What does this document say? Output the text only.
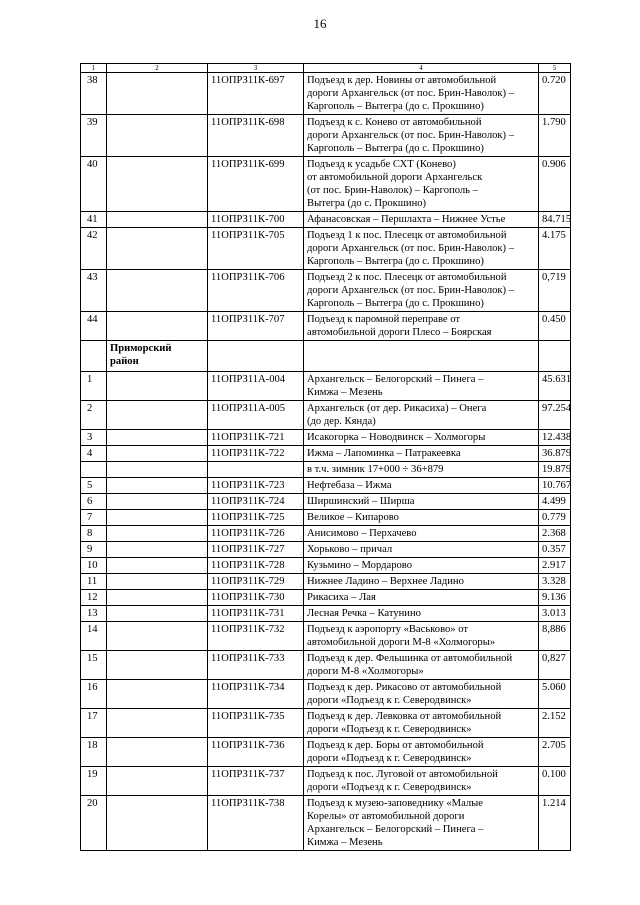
16
1	2	3	4	5
38		11ОПРЗ11К-697	Подъезд к дер. Новины от автомобильной
дороги Архангельск (от пос. Брин-Наволок) –
Каргополь – Вытегра (до с. Прокшино)	0.720
39		11ОПРЗ11К-698	Подъезд к с. Конево от автомобильной
дороги Архангельск (от пос. Брин-Наволок) –
Каргополь – Вытегра (до с. Прокшино)	1.790
40		11ОПРЗ11К-699	Подъезд к усадьбе СХТ (Конево)
от автомобильной дороги Архангельск
(от пос. Брин-Наволок) – Каргополь –
Вытегра (до с. Прокшино)	0.906
41		11ОПРЗ11К-700	Афанасовская – Першлахта – Нижнее Устье	84.715
42		11ОПРЗ11К-705	Подъезд 1 к пос. Плесецк от автомобильной
дороги Архангельск (от пос. Брин-Наволок) –
Каргополь – Вытегра (до с. Прокшино)	4.175
43		11ОПРЗ11К-706	Подъезд 2 к пос. Плесецк от автомобильной
дороги Архангельск (от пос. Брин-Наволок) –
Каргополь – Вытегра (до с. Прокшино)	0,719
44		11ОПРЗ11К-707	Подъезд к паромной переправе от
автомобильной дороги Плесо – Боярская	0.450
	Приморский
район			
1		11ОПРЗ11А-004	Архангельск – Белогорский – Пинега –
Кимжа – Мезень	45.631
2		11ОПРЗ11А-005	Архангельск (от дер. Рикасиха) – Онега
(до дер. Кянда)	97.254
3		11ОПРЗ11К-721	Исакогорка – Новодвинск – Холмогоры	12.438
4		11ОПРЗ11К-722	Ижма – Лапоминка – Патракеевка	36.879
			в т.ч. зимник 17+000 ÷ 36+879	19.879
5		11ОПРЗ11К-723	Нефтебаза – Ижма	10.767
6		11ОПРЗ11К-724	Ширшинский – Ширша	4.499
7		11ОПРЗ11К-725	Великое – Кипарово	0.779
8		11ОПРЗ11К-726	Анисимово – Перхачево	2.368
9		11ОПРЗ11К-727	Хорьково – причал	0.357
10		11ОПРЗ11К-728	Кузьмино – Мордарово	2.917
11		11ОПРЗ11К-729	Нижнее Ладино – Верхнее Ладино	3.328
12		11ОПРЗ11К-730	Рикасиха – Лая	9.136
13		11ОПРЗ11К-731	Лесная Речка – Катунино	3.013
14		11ОПРЗ11К-732	Подъезд к аэропорту «Васьково» от
автомобильной дороги М-8 «Холмогоры»	8,886
15		11ОПРЗ11К-733	Подъезд к дер. Фельшинка от автомобильной
дороги М-8 «Холмогоры»	0,827
16		11ОПРЗ11К-734	Подъезд к дер. Рикасово от автомобильной
дороги «Подъезд к г. Северодвинск»	5.060
17		11ОПРЗ11К-735	Подъезд к дер. Левковка от автомобильной
дороги «Подъезд к г. Северодвинск»	2.152
18		11ОПРЗ11К-736	Подъезд к дер. Боры от автомобильной
дороги «Подъезд к г. Северодвинск»	2.705
19		11ОПРЗ11К-737	Подъезд к пос. Луговой от автомобильной
дороги «Подъезд к г. Северодвинск»	0.100
20		11ОПРЗ11К-738	Подъезд к музею-заповеднику «Малые
Корелы» от автомобильной дороги
Архангельск – Белогорский – Пинега –
Кимжа – Мезень	1.214
